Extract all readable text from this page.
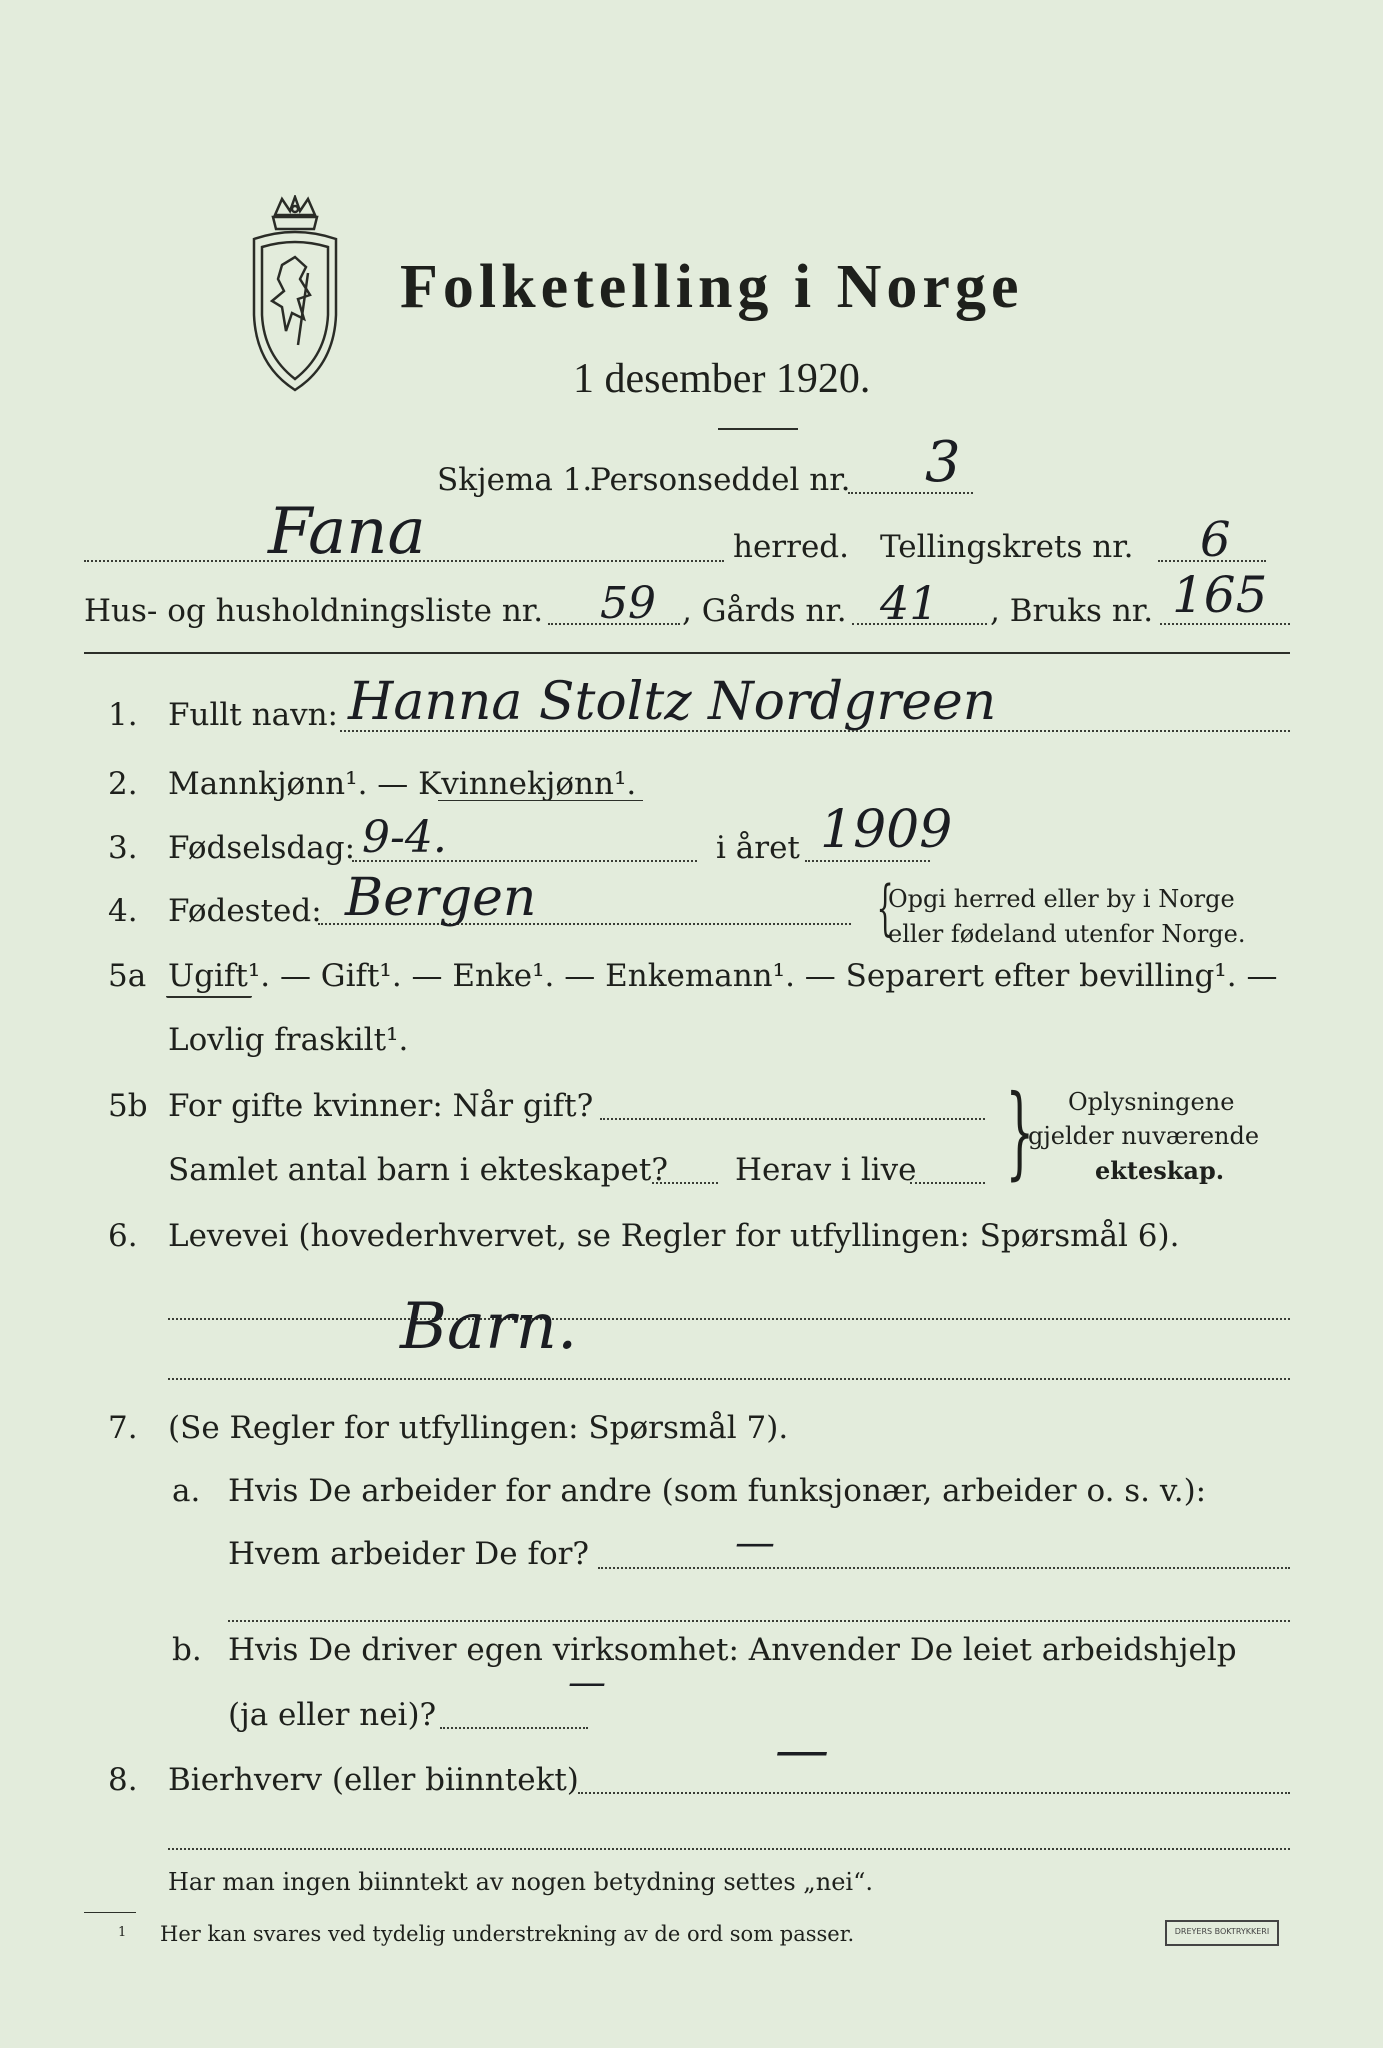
Folketelling i Norge
1 desember 1920.
Skjema 1.
Personseddel nr. 3
Fana	herred. Tellingskrets nr. 6
Hus- og husholdningsliste nr. 59 , Gårds nr. 41 , Bruks nr. 165
1. Fullt navn: Hanna Stoltz Nordgreen
2. Mannkjønn¹. — Kvinnekjønn¹.
3. Fødselsdag: 9-4.	i året 1909
4. Fødested: Bergen	{
Opgi herred eller by i Norge
eller fødeland utenfor Norge.
5a Ugift¹. — Gift¹. — Enke¹. — Enkemann¹. — Separert efter bevilling¹. —
Lovlig fraskilt¹.
5b For gifte kvinner: Når gift?
Samlet antal barn i ekteskapet? Herav i live } Oplysningene
gjelder nuværende
ekteskap.
6. Levevei (hovederhvervet, se Regler for utfyllingen: Spørsmål 6).
Barn.
7. (Se Regler for utfyllingen: Spørsmål 7).
a. Hvis De arbeider for andre (som funksjonær, arbeider o. s. v.):
Hvem arbeider De for?	—
b. Hvis De driver egen virksomhet: Anvender De leiet arbeidshjelp
(ja eller nei)?
—
8. Bierhverv (eller biinntekt)	—
Har man ingen biinntekt av nogen betydning settes „nei“.
1 Her kan svares ved tydelig understrekning av de ord som passer.	DREYERS BOKTRYKKERI
